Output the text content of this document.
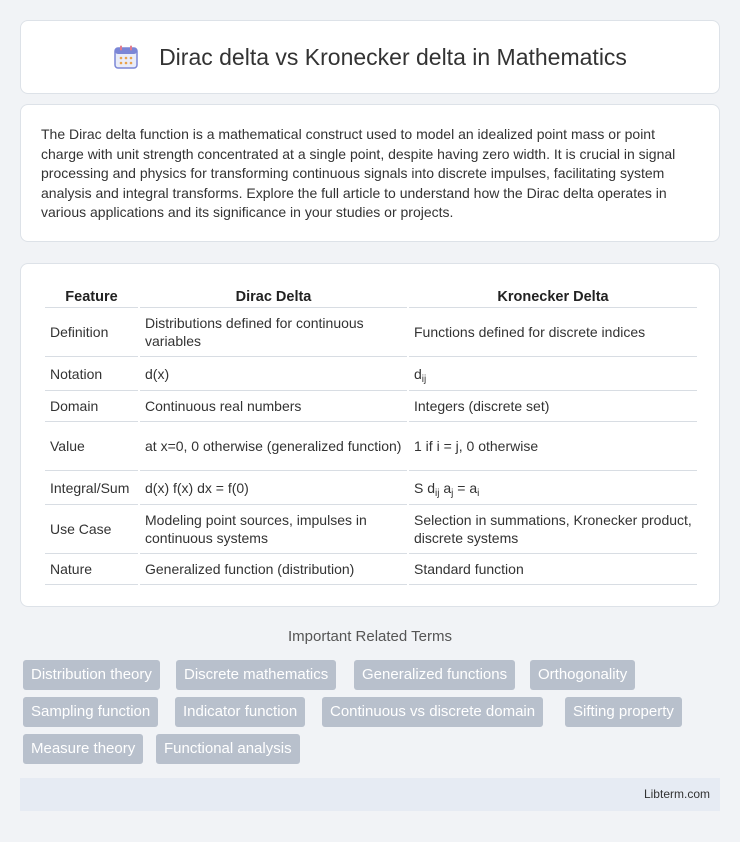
Dirac delta vs Kronecker delta in Mathematics

The Dirac delta function is a mathematical construct used to model an idealized point mass or point charge with unit strength concentrated at a single point, despite having zero width. It is crucial in signal processing and physics for transforming continuous signals into discrete impulses, facilitating system analysis and integral transforms. Explore the full article to understand how the Dirac delta operates in various applications and its significance in your studies or projects.

Feature	Dirac Delta	Kronecker Delta
Definition	Distributions defined for continuous variables	Functions defined for discrete indices
Notation	d(x)	$d_{ij}$
Domain	Continuous real numbers	Integers (discrete set)
Value	at x=0, 0 otherwise (generalized function)	1 if i = j, 0 otherwise
Integral/Sum	d(x) f(x) dx = f(0)	S $d_{ij}$ $a_j = a_i$
Use Case	Modeling point sources, impulses in continuous systems	Selection in summations, Kronecker product, discrete systems
Nature	Generalized function (distribution)	Standard function
Important Related Terms
Distribution theory	Discrete mathematics	Generalized functions	Orthogonality
Sampling function	Indicator function	Continuous vs discrete domain	Sifting property
Measure theory	Functional analysis
Libterm.com
